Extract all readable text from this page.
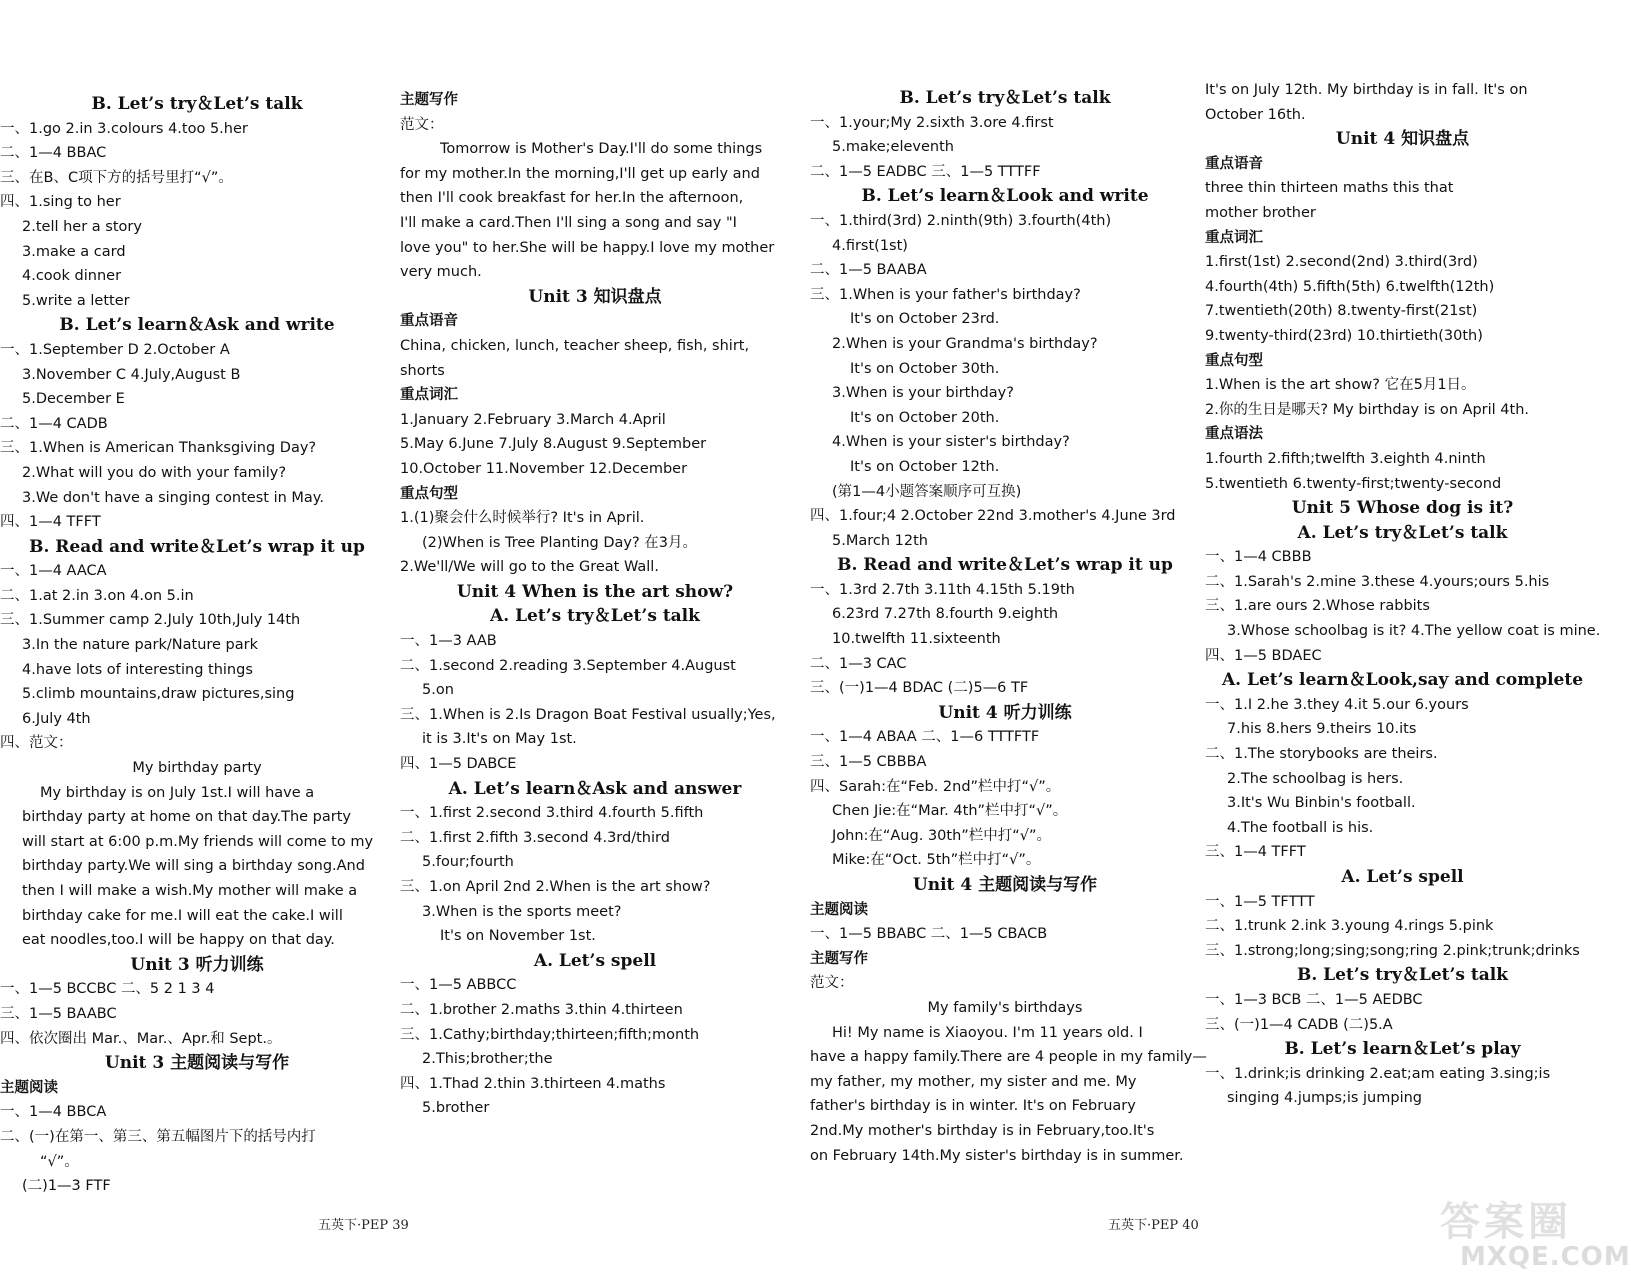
B. Let’s try＆Let’s talk
一、1.go 2.in 3.colours 4.too 5.her
二、1—4 BBAC
三、在B、C项下方的括号里打“√”。
四、1.sing to her
2.tell her a story
3.make a card
4.cook dinner
5.write a letter
B. Let’s learn＆Ask and write
一、1.September D 2.October A
3.November C 4.July,August B
5.December E
二、1—4 CADB
三、1.When is American Thanksgiving Day?
2.What will you do with your family?
3.We don't have a singing contest in May.
四、1—4 TFFT
B. Read and write＆Let’s wrap it up
一、1—4 AACA
二、1.at 2.in 3.on 4.on 5.in
三、1.Summer camp 2.July 10th,July 14th
3.In the nature park/Nature park
4.have lots of interesting things
5.climb mountains,draw pictures,sing
6.July 4th
四、范文：
My birthday party
My birthday is on July 1st.I will have a
birthday party at home on that day.The party
will start at 6:00 p.m.My friends will come to my
birthday party.We will sing a birthday song.And
then I will make a wish.My mother will make a
birthday cake for me.I will eat the cake.I will
eat noodles,too.I will be happy on that day.
Unit 3 听力训练
一、1—5 BCCBC 二、5 2 1 3 4
三、1—5 BAABC
四、依次圈出 Mar.、Mar.、Apr.和 Sept.。
Unit 3 主题阅读与写作
主题阅读
一、1—4 BBCA
二、(一)在第一、第三、第五幅图片下的括号内打
“√”。
(二)1—3 FTF
主题写作
范文：
Tomorrow is Mother's Day.I'll do some things
for my mother.In the morning,I'll get up early and
then I'll cook breakfast for her.In the afternoon,
I'll make a card.Then I'll sing a song and say "I
love you" to her.She will be happy.I love my mother
very much.
Unit 3 知识盘点
重点语音
China, chicken, lunch, teacher sheep, fish, shirt,
shorts
重点词汇
1.January 2.February 3.March 4.April
5.May 6.June 7.July 8.August 9.September
10.October 11.November 12.December
重点句型
1.(1)聚会什么时候举行? It's in April.
(2)When is Tree Planting Day? 在3月。
2.We'll/We will go to the Great Wall.
Unit 4 When is the art show?
A. Let’s try＆Let’s talk
一、1—3 AAB
二、1.second 2.reading 3.September 4.August
5.on
三、1.When is 2.Is Dragon Boat Festival usually;Yes,
it is 3.It's on May 1st.
四、1—5 DABCE
A. Let’s learn＆Ask and answer
一、1.first 2.second 3.third 4.fourth 5.fifth
二、1.first 2.fifth 3.second 4.3rd/third
5.four;fourth
三、1.on April 2nd 2.When is the art show?
3.When is the sports meet?
It's on November 1st.
A. Let’s spell
一、1—5 ABBCC
二、1.brother 2.maths 3.thin 4.thirteen
三、1.Cathy;birthday;thirteen;fifth;month
2.This;brother;the
四、1.Thad 2.thin 3.thirteen 4.maths
5.brother
B. Let’s try＆Let’s talk
一、1.your;My 2.sixth 3.ore 4.first
5.make;eleventh
二、1—5 EADBC 三、1—5 TTTFF
B. Let’s learn＆Look and write
一、1.third(3rd) 2.ninth(9th) 3.fourth(4th)
4.first(1st)
二、1—5 BAABA
三、1.When is your father's birthday?
It's on October 23rd.
2.When is your Grandma's birthday?
It's on October 30th.
3.When is your birthday?
It's on October 20th.
4.When is your sister's birthday?
It's on October 12th.
(第1—4小题答案顺序可互换)
四、1.four;4 2.October 22nd 3.mother's 4.June 3rd
5.March 12th
B. Read and write＆Let’s wrap it up
一、1.3rd 2.7th 3.11th 4.15th 5.19th
6.23rd 7.27th 8.fourth 9.eighth
10.twelfth 11.sixteenth
二、1—3 CAC
三、(一)1—4 BDAC (二)5—6 TF
Unit 4 听力训练
一、1—4 ABAA 二、1—6 TTTFTF
三、1—5 CBBBA
四、Sarah:在“Feb. 2nd”栏中打“√”。
Chen Jie:在“Mar. 4th”栏中打“√”。
John:在“Aug. 30th”栏中打“√”。
Mike:在“Oct. 5th”栏中打“√”。
Unit 4 主题阅读与写作
主题阅读
一、1—5 BBABC 二、1—5 CBACB
主题写作
范文：
My family's birthdays
Hi! My name is Xiaoyou. I'm 11 years old. I
have a happy family.There are 4 people in my family—
my father, my mother, my sister and me. My
father's birthday is in winter. It's on February
2nd.My mother's birthday is in February,too.It's
on February 14th.My sister's birthday is in summer.
It's on July 12th. My birthday is in fall. It's on
October 16th.
Unit 4 知识盘点
重点语音
three thin thirteen maths this that
mother brother
重点词汇
1.first(1st) 2.second(2nd) 3.third(3rd)
4.fourth(4th) 5.fifth(5th) 6.twelfth(12th)
7.twentieth(20th) 8.twenty-first(21st)
9.twenty-third(23rd) 10.thirtieth(30th)
重点句型
1.When is the art show? 它在5月1日。
2.你的生日是哪天? My birthday is on April 4th.
重点语法
1.fourth 2.fifth;twelfth 3.eighth 4.ninth
5.twentieth 6.twenty-first;twenty-second
Unit 5 Whose dog is it?
A. Let’s try＆Let’s talk
一、1—4 CBBB
二、1.Sarah's 2.mine 3.these 4.yours;ours 5.his
三、1.are ours 2.Whose rabbits
3.Whose schoolbag is it? 4.The yellow coat is mine.
四、1—5 BDAEC
A. Let’s learn＆Look,say and complete
一、1.I 2.he 3.they 4.it 5.our 6.yours
7.his 8.hers 9.theirs 10.its
二、1.The storybooks are theirs.
2.The schoolbag is hers.
3.It's Wu Binbin's football.
4.The football is his.
三、1—4 TFFT
A. Let’s spell
一、1—5 TFTTT
二、1.trunk 2.ink 3.young 4.rings 5.pink
三、1.strong;long;sing;song;ring 2.pink;trunk;drinks
B. Let’s try＆Let’s talk
一、1—3 BCB 二、1—5 AEDBC
三、(一)1—4 CADB (二)5.A
B. Let’s learn＆Let’s play
一、1.drink;is drinking 2.eat;am eating 3.sing;is
singing 4.jumps;is jumping
五英下·PEP 39	五英下·PEP 40	答案圈
MXQE.COM
